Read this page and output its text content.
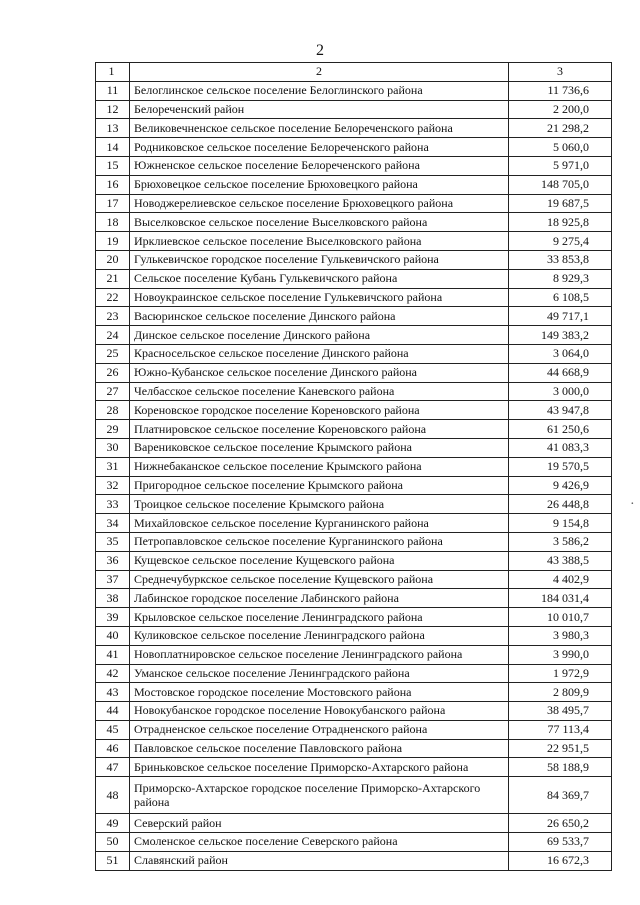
2
1	2	3
11	Белоглинское сельское поселение Белоглинского района	11 736,6
12	Белореченский район	2 200,0
13	Великовечненское сельское поселение Белореченского района	21 298,2
14	Родниковское сельское поселение Белореченского района	5 060,0
15	Южненское сельское поселение Белореченского района	5 971,0
16	Брюховецкое сельское поселение Брюховецкого района	148 705,0
17	Новоджерелиевское сельское поселение Брюховецкого района	19 687,5
18	Выселковское сельское поселение Выселковского района	18 925,8
19	Ирклиевское сельское поселение Выселковского района	9 275,4
20	Гулькевичское городское поселение Гулькевичского района	33 853,8
21	Сельское поселение Кубань Гулькевичского района	8 929,3
22	Новоукраинское сельское поселение Гулькевичского района	6 108,5
23	Васюринское сельское поселение Динского района	49 717,1
24	Динское сельское поселение Динского района	149 383,2
25	Красносельское сельское поселение Динского района	3 064,0
26	Южно-Кубанское сельское поселение Динского района	44 668,9
27	Челбасское сельское поселение Каневского района	3 000,0
28	Кореновское городское поселение Кореновского района	43 947,8
29	Платнировское сельское поселение Кореновского района	61 250,6
30	Варениковское сельское поселение Крымского района	41 083,3
31	Нижнебаканское сельское поселение Крымского района	19 570,5
32	Пригородное сельское поселение Крымского района	9 426,9
33	Троицкое сельское поселение Крымского района	26 448,8
34	Михайловское сельское поселение Курганинского района	9 154,8
35	Петропавловское сельское поселение Курганинского района	3 586,2
36	Кущевское сельское поселение Кущевского района	43 388,5
37	Среднечубуркское сельское поселение Кущевского района	4 402,9
38	Лабинское городское поселение Лабинского района	184 031,4
39	Крыловское сельское поселение Ленинградского района	10 010,7
40	Куликовское сельское поселение Ленинградского района	3 980,3
41	Новоплатнировское сельское поселение Ленинградского района	3 990,0
42	Уманское сельское поселение Ленинградского района	1 972,9
43	Мостовское городское поселение Мостовского района	2 809,9
44	Новокубанское городское поселение Новокубанского района	38 495,7
45	Отрадненское сельское поселение Отрадненского района	77 113,4
46	Павловское сельское поселение Павловского района	22 951,5
47	Бриньковское сельское поселение Приморско-Ахтарского района	58 188,9
48	Приморско-Ахтарское городское поселение Приморско-Ахтарского района	84 369,7
49	Северский район	26 650,2
50	Смоленское сельское поселение Северского района	69 533,7
51	Славянский район	16 672,3
·
